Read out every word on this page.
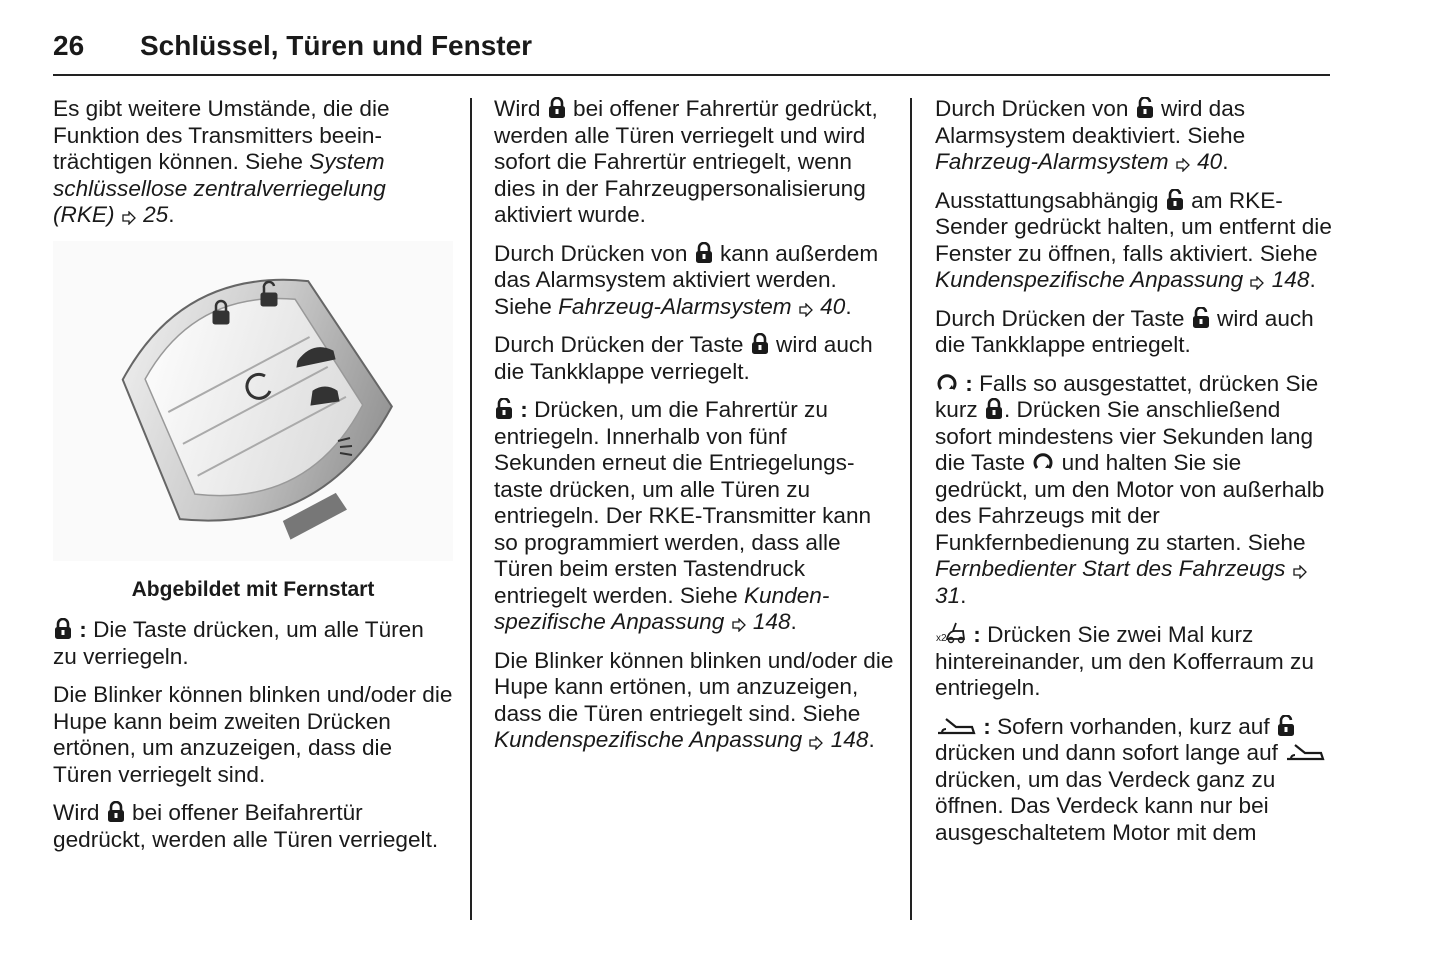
26 Schlüssel, Türen und Fenster

Es gibt weitere Umstände, die die Funktion des Transmitters beeinträchtigen können. Siehe System schlüssellose zentralverriegelung (RKE) 25.

Abgebildet mit Fernstart

: Die Taste drücken, um alle Türen zu verriegeln.

Die Blinker können blinken und/oder die Hupe kann beim zweiten Drücken ertönen, um anzuzeigen, dass die Türen verriegelt sind.

Wird bei offener Beifahrertür gedrückt, werden alle Türen verriegelt.

Wird bei offener Fahrertür gedrückt, werden alle Türen verriegelt und wird sofort die Fahrertür entriegelt, wenn dies in der Fahrzeugpersonalisierung aktiviert wurde.

Durch Drücken von kann außerdem das Alarmsystem aktiviert werden. Siehe Fahrzeug-Alarmsystem 40.

Durch Drücken der Taste wird auch die Tankklappe verriegelt.

: Drücken, um die Fahrertür zu entriegeln. Innerhalb von fünf Sekunden erneut die Entriegelungstaste drücken, um alle Türen zu entriegeln. Der RKE-Transmitter kann so programmiert werden, dass alle Türen beim ersten Tastendruck entriegelt werden. Siehe Kundenspezifische Anpassung 148.

Die Blinker können blinken und/oder die Hupe kann ertönen, um anzuzeigen, dass die Türen entriegelt sind. Siehe Kundenspezifische Anpassung 148.

Durch Drücken von wird das Alarmsystem deaktiviert. Siehe Fahrzeug-Alarmsystem 40.

Ausstattungsabhängig am RKE-Sender gedrückt halten, um entfernt die Fenster zu öffnen, falls aktiviert. Siehe Kundenspezifische Anpassung 148.

Durch Drücken der Taste wird auch die Tankklappe entriegelt.

: Falls so ausgestattet, drücken Sie kurz . Drücken Sie anschließend sofort mindestens vier Sekunden lang die Taste und halten Sie sie gedrückt, um den Motor von außerhalb des Fahrzeugs mit der Funkfernbedienung zu starten. Siehe Fernbedienter Start des Fahrzeugs
31.

x2 : Drücken Sie zwei Mal kurz hintereinander, um den Kofferraum zu entriegeln.

: Sofern vorhanden, kurz auf
drücken und dann sofort lange auf
drücken, um das Verdeck ganz zu öffnen. Das Verdeck kann nur bei ausgeschaltetem Motor mit dem
